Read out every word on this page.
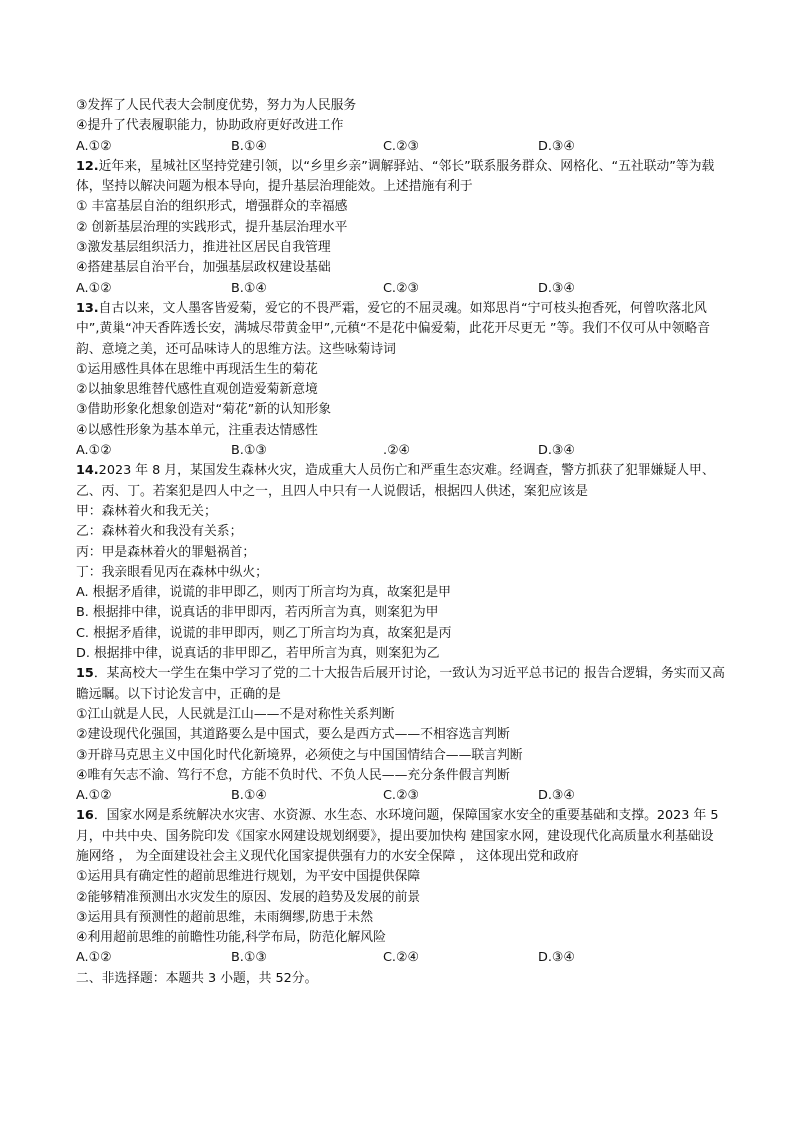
③发挥了人民代表大会制度优势，努力为人民服务
④提升了代表履职能力，协助政府更好改进工作
A.①②	B.①④	C.②③	D.③④
12.近年来，星城社区坚持党建引领，以“乡里乡亲”调解驿站、“邻长”联系服务群众、网格化、“五社联动”等为载体，坚持以解决问题为根本导向，提升基层治理能效。上述措施有利于
① 丰富基层自治的组织形式，增强群众的幸福感
② 创新基层治理的实践形式，提升基层治理水平
③激发基层组织活力，推进社区居民自我管理
④搭建基层自治平台，加强基层政权建设基础
A.①②	B.①④	C.②③	D.③④
13.自古以来，文人墨客皆爱菊，爱它的不畏严霜，爱它的不屈灵魂。如郑思肖“宁可枝头抱香死，何曾吹落北风中”,黄巢“冲天香阵透长安，满城尽带黄金甲”,元稹“不是花中偏爱菊，此花开尽更无 ”等。我们不仅可从中领略音韵、意境之美，还可品味诗人的思维方法。这些咏菊诗词
①运用感性具体在思维中再现活生生的菊花
②以抽象思维替代感性直观创造爱菊新意境
③借助形象化想象创造对“菊花”新的认知形象
④以感性形象为基本单元，注重表达情感性
A.①②	B.①③	.②④	D.③④
14.2023 年 8 月，某国发生森林火灾，造成重大人员伤亡和严重生态灾难。经调查，警方抓获了犯罪嫌疑人甲、乙、丙、丁。若案犯是四人中之一，且四人中只有一人说假话，根据四人供述，案犯应该是
甲：森林着火和我无关；
乙：森林着火和我没有关系；
丙：甲是森林着火的罪魁祸首；
丁：我亲眼看见丙在森林中纵火；
A. 根据矛盾律，说谎的非甲即乙，则丙丁所言均为真，故案犯是甲
B. 根据排中律，说真话的非甲即丙，若丙所言为真，则案犯为甲
C. 根据矛盾律，说谎的非甲即丙，则乙丁所言均为真，故案犯是丙
D. 根据排中律，说真话的非甲即乙，若甲所言为真，则案犯为乙
15．某高校大一学生在集中学习了党的二十大报告后展开讨论，一致认为习近平总书记的 报告合逻辑，务实而又高瞻远瞩。以下讨论发言中，正确的是
①江山就是人民，人民就是江山——不是对称性关系判断
②建设现代化强国，其道路要么是中国式，要么是西方式——不相容选言判断
③开辟马克思主义中国化时代化新境界，必须使之与中国国情结合——联言判断
④唯有矢志不渝、笃行不怠，方能不负时代、不负人民——充分条件假言判断
A.①②	B.①④	C.②③	D.③④
16．国家水网是系统解决水灾害、水资源、水生态、水环境问题，保障国家水安全的重要基础和支撑。2023 年 5 月，中共中央、国务院印发《国家水网建设规划纲要》，提出要加快构 建国家水网，建设现代化高质量水利基础设施网络 ， 为全面建设社会主义现代化国家提供强有力的水安全保障 ， 这体现出党和政府
①运用具有确定性的超前思维进行规划，为平安中国提供保障
②能够精准预测出水灾发生的原因、发展的趋势及发展的前景
③运用具有预测性的超前思维，未雨绸缪,防患于未然
④利用超前思维的前瞻性功能,科学布局，防范化解风险
A.①②	B.①③	C.②④	D.③④
二、非选择题：本题共 3 小题，共 52分。
